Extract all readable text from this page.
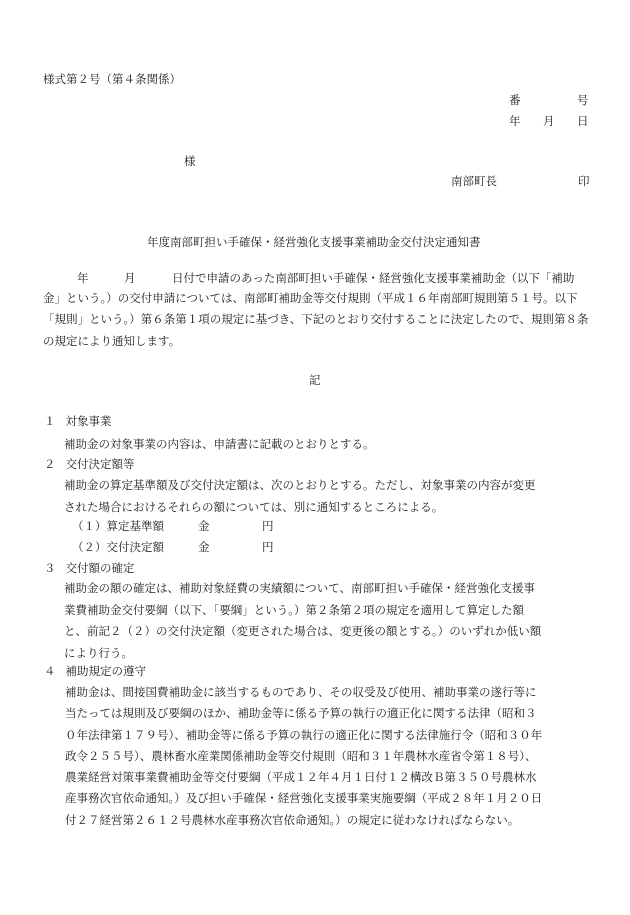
様式第２号（第４条関係）
番	号
年 月 日
様
南部町長	印
年度南部町担い手確保・経営強化支援事業補助金交付決定通知書
年	月	日付で申請のあった南部町担い手確保・経営強化支援事業補助金（以下「補助
金」という。）の交付申請については、南部町補助金等交付規則（平成１６年南部町規則第５１号。以下「規則」という。）第６条第１項の規定に基づき、下記のとおり交付することに決定したので、規則第８条の規定により通知します。
記
１ 対象事業
補助金の対象事業の内容は、申請書に記載のとおりとする。
２ 交付決定額等
補助金の算定基準額及び交付決定額は、次のとおりとする。ただし、対象事業の内容が変更された場合におけるそれらの額については、別に通知するところによる。
（１）算定基準額	金	円
（２）交付決定額	金	円
３ 交付額の確定
補助金の額の確定は、補助対象経費の実績額について、南部町担い手確保・経営強化支援事業費補助金交付要綱（以下、「要綱」という。）第２条第２項の規定を適用して算定した額と、前記２（２）の交付決定額（変更された場合は、変更後の額とする。）のいずれか低い額により行う。
４ 補助規定の遵守
補助金は、間接国費補助金に該当するものであり、その収受及び使用、補助事業の遂行等に当たっては規則及び要綱のほか、補助金等に係る予算の執行の適正化に関する法律（昭和３０年法律第１７９号）、補助金等に係る予算の執行の適正化に関する法律施行令（昭和３０年政令２５５号）、農林畜水産業関係補助金等交付規則（昭和３１年農林水産省令第１８号）、農業経営対策事業費補助金等交付要綱（平成１２年４月１日付１２構改Ｂ第３５０号農林水産事務次官依命通知。）及び担い手確保・経営強化支援事業実施要綱（平成２８年１月２０日付２７経営第２６１２号農林水産事務次官依命通知。）の規定に従わなければならない。
